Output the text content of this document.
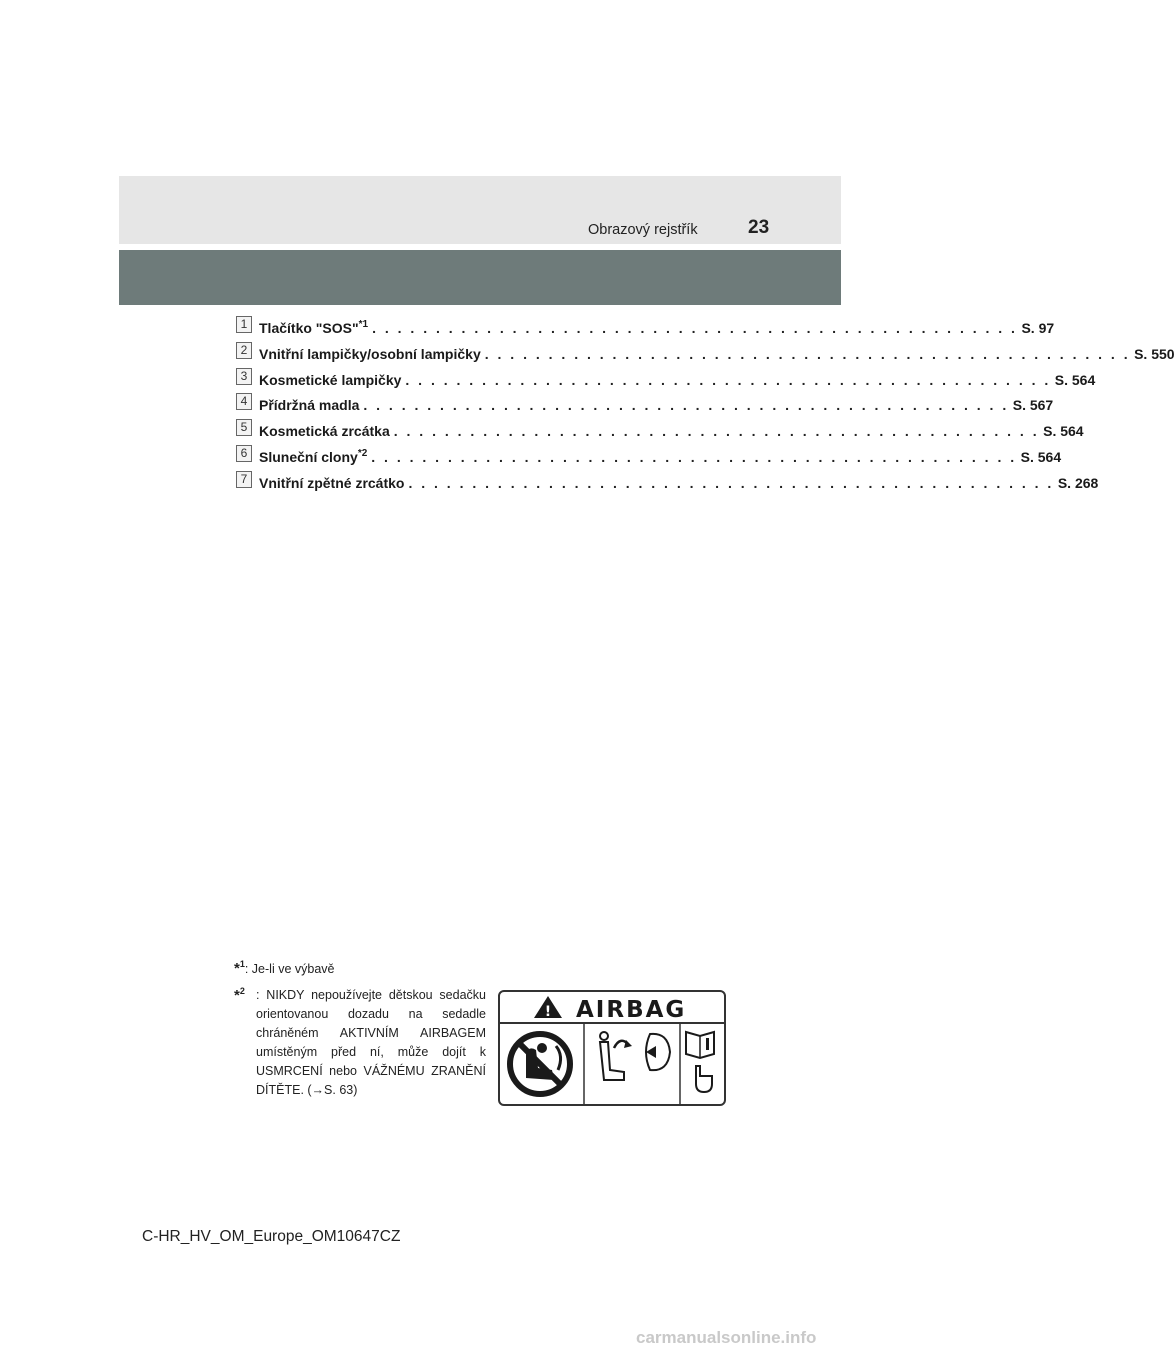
Obrazový rejstřík	23
1 Tlačítko "SOS"$^{*1}$ . . . . . . . . . . . . . . . . . . . . . . . . . . . . . . . . . . . . . . . . . . . . . . . . . . . S. 97
2 Vnitřní lampičky/osobní lampičky . . . . . . . . . . . . . . . . . . . . . . . . . . . . . . . . . . . . . . . . . . . . . . . . . . . S. 550
3 Kosmetické lampičky . . . . . . . . . . . . . . . . . . . . . . . . . . . . . . . . . . . . . . . . . . . . . . . . . . . S. 564
4 Přídržná madla . . . . . . . . . . . . . . . . . . . . . . . . . . . . . . . . . . . . . . . . . . . . . . . . . . . S. 567
5 Kosmetická zrcátka . . . . . . . . . . . . . . . . . . . . . . . . . . . . . . . . . . . . . . . . . . . . . . . . . . . S. 564
6 Sluneční clony$^{*2}$ . . . . . . . . . . . . . . . . . . . . . . . . . . . . . . . . . . . . . . . . . . . . . . . . . . . S. 564
7 Vnitřní zpětné zrcátko . . . . . . . . . . . . . . . . . . . . . . . . . . . . . . . . . . . . . . . . . . . . . . . . . . . S. 268
*$^1$: Je-li ve výbavě
*$^2$ : NIKDY nepoužívejte dětskou sedačku orientovanou dozadu na sedadle chráněném AKTIVNÍM AIRBAGEM umístěným před ní, může dojít k USMRCENÍ nebo VÁŽNÉMU ZRANĚNÍ DÍTĚTE. (→S. 63)
! AIRBAG
C-HR_HV_OM_Europe_OM10647CZ
carmanualsonline.info
